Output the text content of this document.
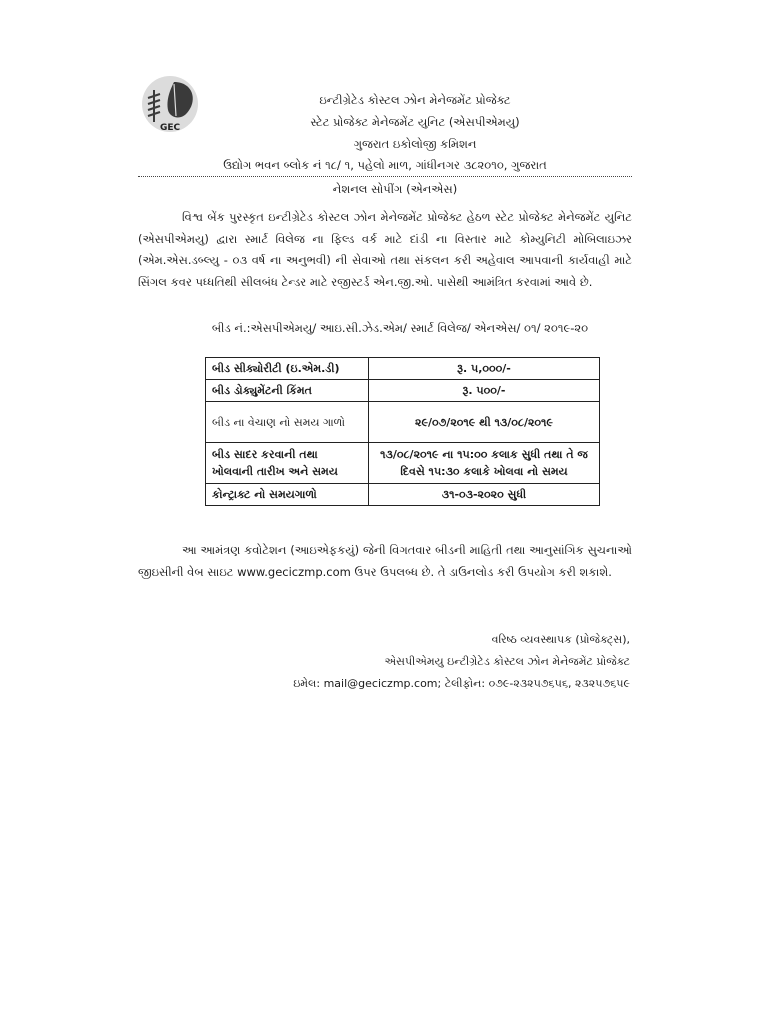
GEC
ઇન્ટીગ્રેટેડ કોસ્ટલ ઝોન મેનેજમેંટ પ્રોજેક્ટ
સ્ટેટ પ્રોજેક્ટ મેનેજમેંટ યુનિટ (એસપીએમયુ)
ગુજરાત ઇકોલોજી કમિશન
ઉદ્યોગ ભવન બ્લોક નં ૧૮/ ૧, પહેલો માળ, ગાંધીનગર ૩૮૨૦૧૦, ગુજરાત
નેશનલ સોપીંગ (એનએસ)
વિશ્વ બેંક પુરસ્કૃત ઇન્ટીગ્રેટેડ કોસ્ટલ ઝોન મેનેજમેંટ પ્રોજેક્ટ હેઠળ સ્ટેટ પ્રોજેક્ટ મેનેજમેંટ યુનિટ (એસપીએમયુ) દ્વારા સ્માર્ટ વિલેજ ના ફિલ્ડ વર્ક માટે દાંડી ના વિસ્તાર માટે કોમ્યુનિટી મોબિલાઇઝર (એમ.એસ.ડબ્લ્યુ - ૦૩ વર્ષ ના અનુભવી) ની સેવાઓ તથા સંકલન કરી અહેવાલ આપવાની કાર્યવાહી માટે સિંગલ કવર પધ્ધતિથી સીલબંધ ટેન્ડર માટે રજીસ્ટર્ડ એન.જી.ઓ. પાસેથી આમંત્રિત કરવામાં આવે છે.
બીડ નં.:એસપીએમયુ/ આઇ.સી.ઝેડ.એમ/ સ્માર્ટ વિલેજ/ એનએસ/ ૦૧/ ૨૦૧૯-૨૦
બીડ સીક્યોરીટી (ઇ.એમ.ડી)	રૂ. ૫,૦૦૦/-
બીડ ડોક્યુમેંટની કિંમત	રૂ. ૫૦૦/-
બીડ ના વેચાણ નો સમય ગાળો	૨૯/૦૭/૨૦૧૯ થી ૧૩/૦૮/૨૦૧૯
બીડ સાદર કરવાની તથા ખોલવાની તારીખ અને સમય	૧૩/૦૮/૨૦૧૯ ના ૧૫:૦૦ કલાક સુધી તથા તે જ દિવસે ૧૫:૩૦ કલાકે ખોલવા નો સમય
કોન્ટ્રાક્ટ નો સમયગાળો	૩૧-૦૩-૨૦૨૦ સુધી
આ આમંત્રણ કવોટેશન (આઇએફકયું) જેની વિગતવાર બીડની માહિતી તથા આનુસાંગિક સુચનાઓ જીઇસીની વેબ સાઇટ www.geciczmp.com ઉપર ઉપલબ્ધ છે. તે ડાઉનલોડ કરી ઉપયોગ કરી શકાશે.
વરિષ્ઠ વ્યવસ્થાપક (પ્રોજેક્ટ્સ),
એસપીએમયુ ઇન્ટીગ્રેટેડ કોસ્ટલ ઝોન મેનેજમેંટ પ્રોજેક્ટ
ઇમેલ: mail@geciczmp.com; ટેલીફોન: ૦૭૯-૨૩૨૫૭૬૫૬, ૨૩૨૫૭૬૫૯
